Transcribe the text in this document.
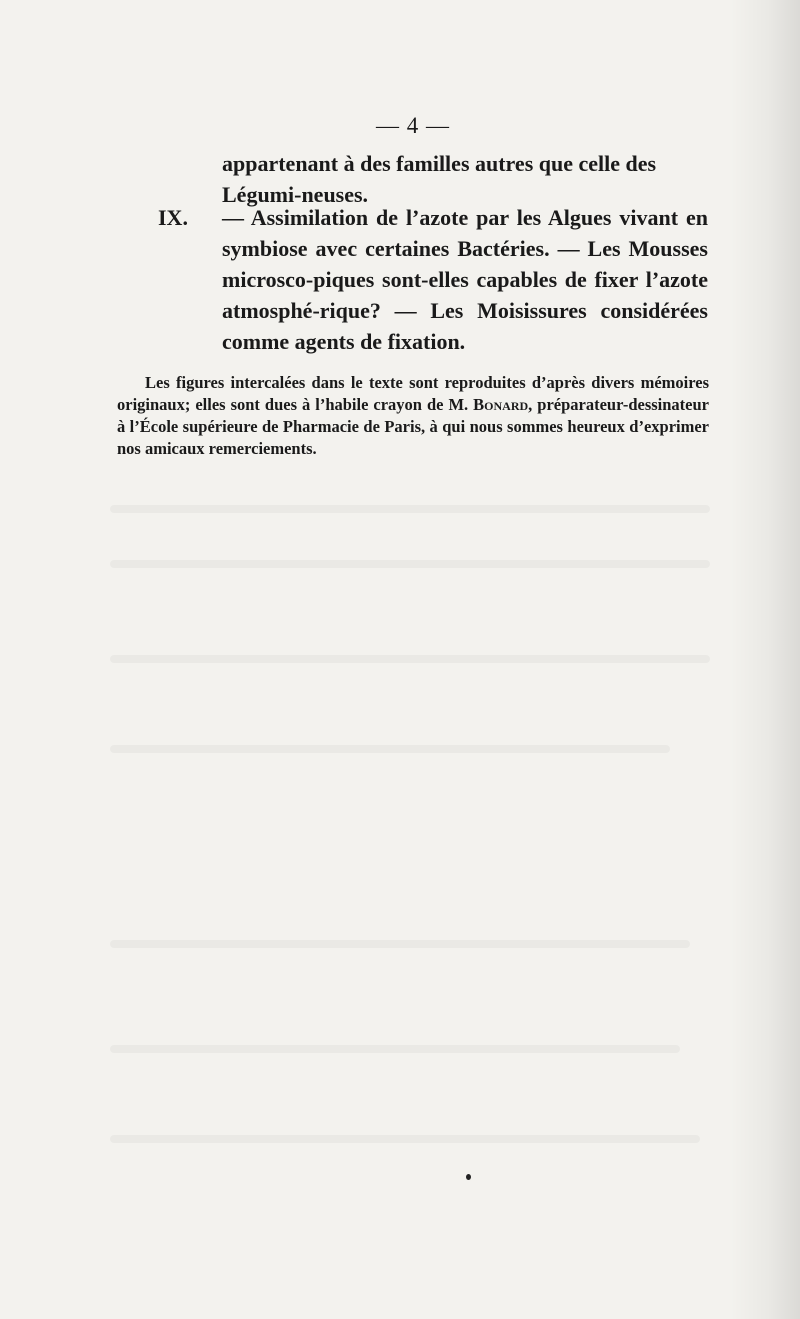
— 4 —
appartenant à des familles autres que celle des Légumi-neuses.
IX.	— Assimilation de l’azote par les Algues vivant en symbiose avec certaines Bactéries. — Les Mousses microsco-piques sont-elles capables de fixer l’azote atmosphé-rique? — Les Moisissures considérées comme agents de fixation.
Les figures intercalées dans le texte sont reproduites d’après divers mémoires originaux; elles sont dues à l’habile crayon de M. Bonard, préparateur-dessinateur à l’École supérieure de Pharmacie de Paris, à qui nous sommes heureux d’exprimer nos amicaux remerciements.
